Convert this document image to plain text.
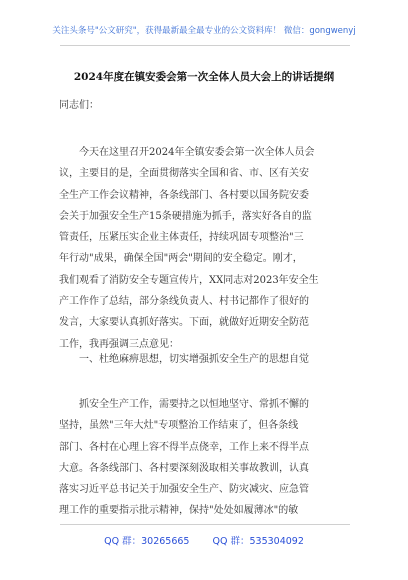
关注头条号"公文研究"，获得最新最全最专业的公文资料库！ 微信：gongwenyj
2024年度在镇安委会第一次全体人员大会上的讲话提纲
同志们：
今天在这里召开2024年全镇安委会第一次全体人员会
议，主要目的是，全面贯彻落实全国和省、市、区有关安
全生产工作会议精神，各条线部门、各村要以国务院安委
会关于加强安全生产15条硬措施为抓手，落实好各自的监
管责任，压紧压实企业主体责任，持续巩固专项整治"三
年行动"成果，确保全国"两会"期间的安全稳定。刚才，
我们观看了消防安全专题宣传片，XX同志对2023年安全生
产工作作了总结，部分条线负责人、村书记都作了很好的
发言，大家要认真抓好落实。下面，就做好近期安全防范
工作，我再强调三点意见：
一、杜绝麻痹思想，切实增强抓安全生产的思想自觉
抓安全生产工作，需要持之以恒地坚守、常抓不懈的
坚持，虽然"三年大灶"专项整治工作结束了，但各条线
部门、各村在心理上容不得半点侥幸，工作上来不得半点
大意。各条线部门、各村要深刻汲取相关事故教训，认真
落实习近平总书记关于加强安全生产、防灾减灾、应急管
理工作的重要指示批示精神，保持"处处如履薄冰"的敏
QQ 群：30265665 QQ 群：535304092
